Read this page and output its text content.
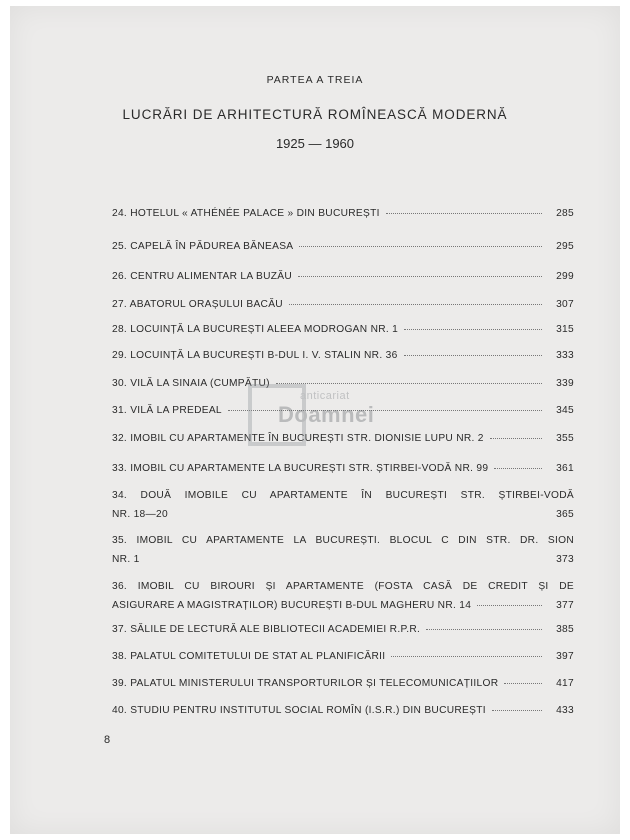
PARTEA A TREIA
LUCRĂRI DE ARHITECTURĂ ROMÎNEASCĂ MODERNĂ
1925 — 1960
24. HOTELUL « ATHÉNÉE PALACE » DIN BUCUREȘTI	285
25. CAPELĂ ÎN PĂDUREA BĂNEASA	295
26. CENTRU ALIMENTAR LA BUZĂU	299
27. ABATORUL ORAȘULUI BACĂU	307
28. LOCUINȚĂ LA BUCUREȘTI ALEEA MODROGAN NR. 1	315
29. LOCUINȚĂ LA BUCUREȘTI B-DUL I. V. STALIN NR. 36	333
30. VILĂ LA SINAIA (CUMPĂTU)	339
31. VILĂ LA PREDEAL	345
32. IMOBIL CU APARTAMENTE ÎN BUCUREȘTI STR. DIONISIE LUPU NR. 2	355
33. IMOBIL CU APARTAMENTE LA BUCUREȘTI STR. ȘTIRBEI-VODĂ NR. 99	361
34. DOUĂ IMOBILE CU APARTAMENTE ÎN BUCUREȘTI STR. ȘTIRBEI-VODĂ
NR. 18—20	365
35. IMOBIL CU APARTAMENTE LA BUCUREȘTI. BLOCUL C DIN STR. DR. SION
NR. 1	373
36. IMOBIL CU BIROURI ȘI APARTAMENTE (FOSTA CASĂ DE CREDIT ȘI DE
ASIGURARE A MAGISTRAȚILOR) BUCUREȘTI B-DUL MAGHERU NR. 14	377
37. SĂLILE DE LECTURĂ ALE BIBLIOTECII ACADEMIEI R.P.R.	385
38. PALATUL COMITETULUI DE STAT AL PLANIFICĂRII	397
39. PALATUL MINISTERULUI TRANSPORTURILOR ȘI TELECOMUNICAȚIILOR	417
40. STUDIU PENTRU INSTITUTUL SOCIAL ROMÎN (I.S.R.) DIN BUCUREȘTI	433
8
anticariat
Doamnei
